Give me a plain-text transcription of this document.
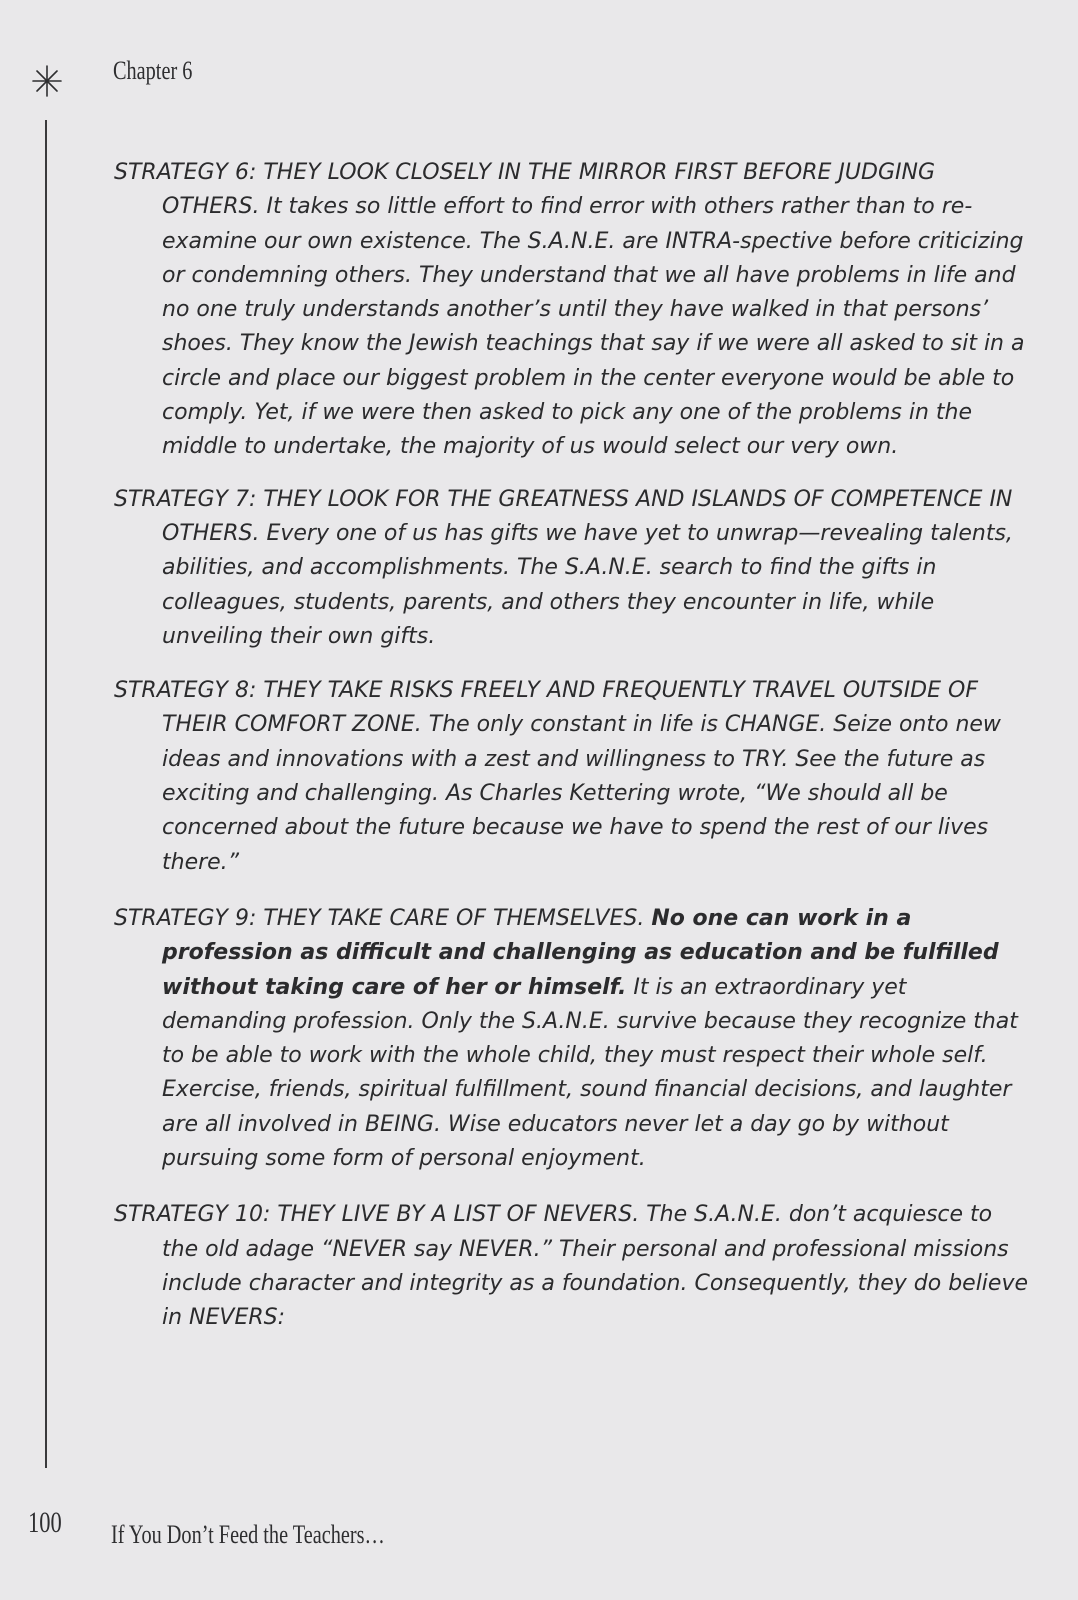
Chapter 6

STRATEGY 6: THEY LOOK CLOSELY IN THE MIRROR FIRST BEFORE JUDGING OTHERS. It takes so little effort to find error with others rather than to re-examine our own existence. The S.A.N.E. are INTRA-spective before criticizing or condemning others. They understand that we all have problems in life and no one truly understands another’s until they have walked in that persons’ shoes. They know the Jewish teachings that say if we were all asked to sit in a circle and place our biggest problem in the center everyone would be able to comply. Yet, if we were then asked to pick any one of the problems in the middle to undertake, the majority of us would select our very own.

STRATEGY 7: THEY LOOK FOR THE GREATNESS AND ISLANDS OF COMPETENCE IN OTHERS. Every one of us has gifts we have yet to unwrap—revealing talents, abilities, and accomplishments. The S.A.N.E. search to find the gifts in colleagues, students, parents, and others they encounter in life, while unveiling their own gifts.

STRATEGY 8: THEY TAKE RISKS FREELY AND FREQUENTLY TRAVEL OUTSIDE OF THEIR COMFORT ZONE. The only constant in life is CHANGE. Seize onto new ideas and innovations with a zest and willingness to TRY. See the future as exciting and challenging. As Charles Kettering wrote, “We should all be concerned about the future because we have to spend the rest of our lives there.”

STRATEGY 9: THEY TAKE CARE OF THEMSELVES. No one can work in a profession as difficult and challenging as education and be fulfilled without taking care of her or himself. It is an extraordinary yet demanding profession. Only the S.A.N.E. survive because they recognize that to be able to work with the whole child, they must respect their whole self. Exercise, friends, spiritual fulfillment, sound financial decisions, and laughter are all involved in BEING. Wise educators never let a day go by without pursuing some form of personal enjoyment.

STRATEGY 10: THEY LIVE BY A LIST OF NEVERS. The S.A.N.E. don’t acquiesce to the old adage “NEVER say NEVER.” Their personal and professional missions include character and integrity as a foundation. Consequently, they do believe in NEVERS:

100 If You Don’t Feed the Teachers…
